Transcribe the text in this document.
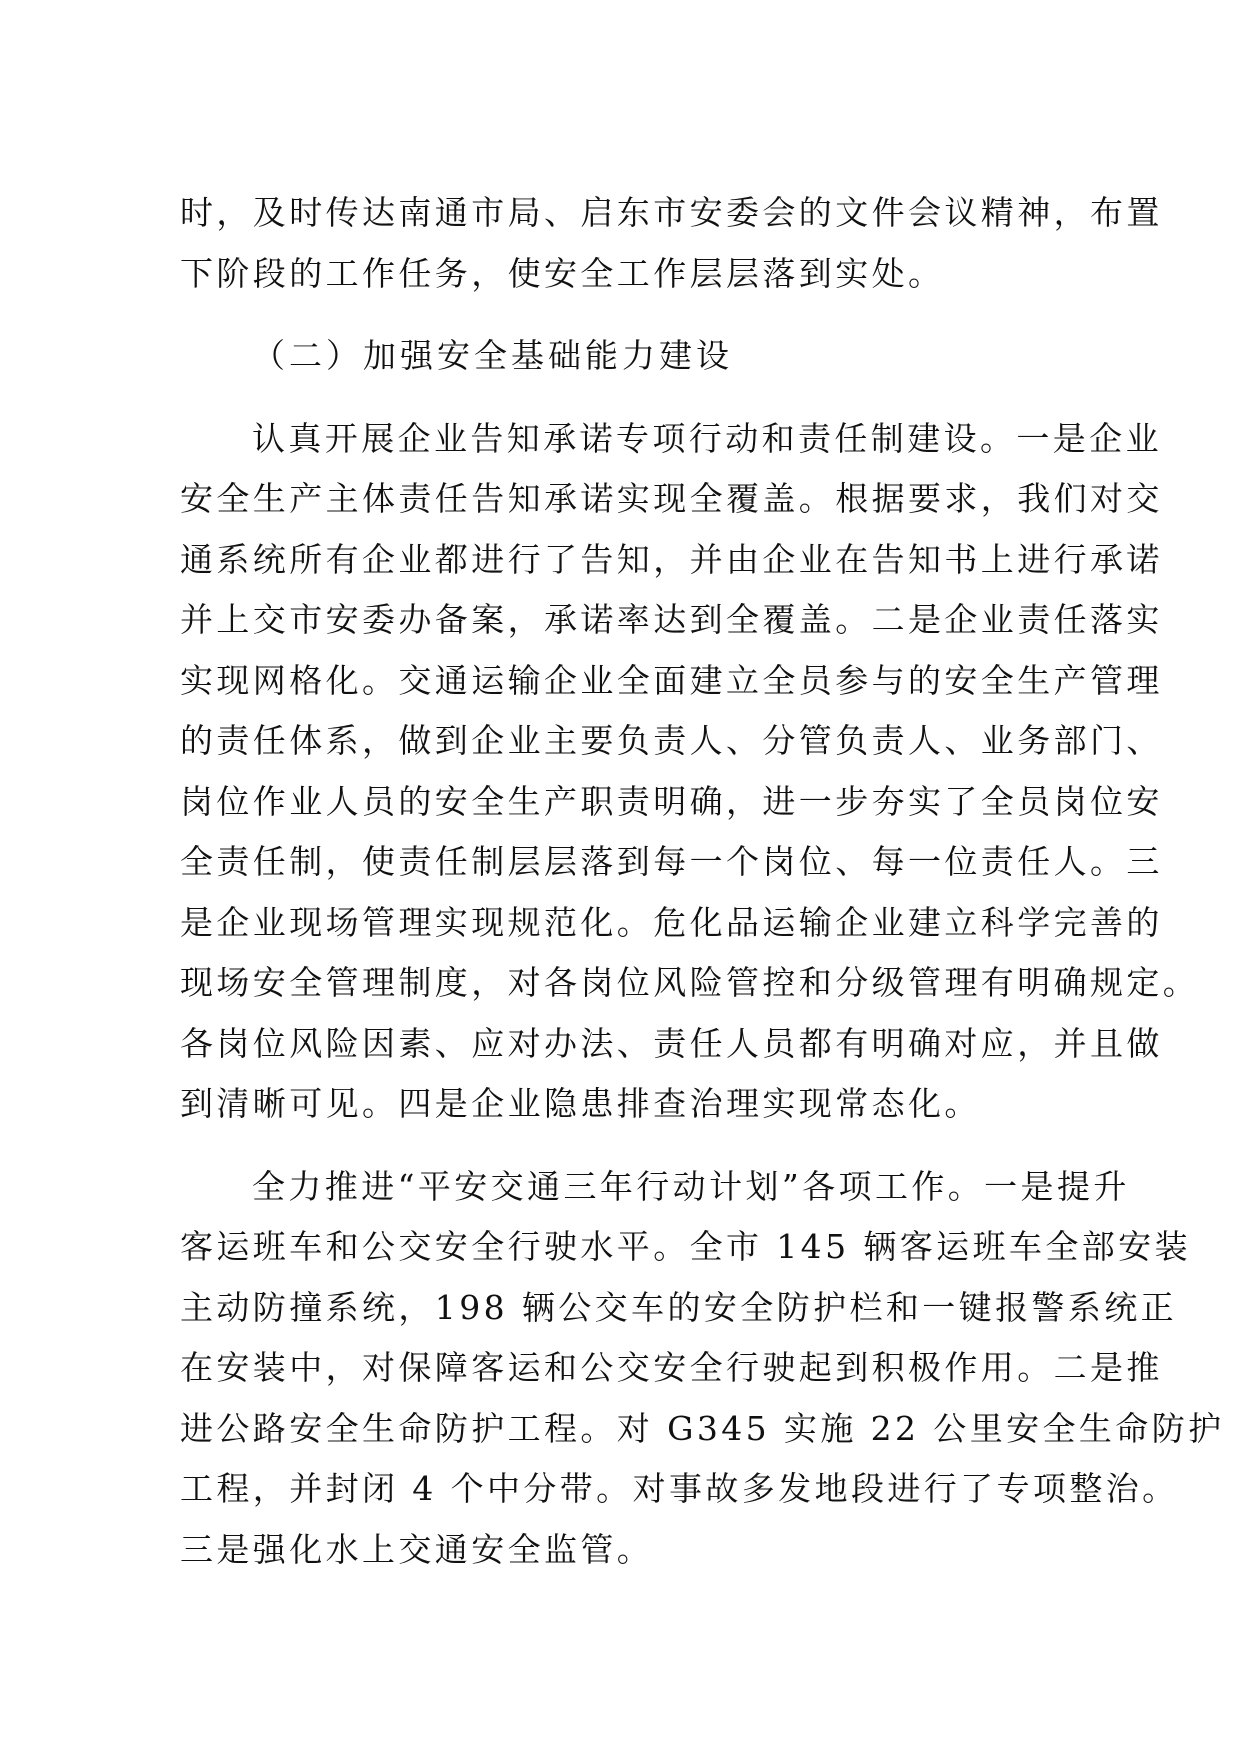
时，及时传达南通市局、启东市安委会的文件会议精神，布置
下阶段的工作任务，使安全工作层层落到实处。
（二）加强安全基础能力建设
认真开展企业告知承诺专项行动和责任制建设。一是企业
安全生产主体责任告知承诺实现全覆盖。根据要求，我们对交
通系统所有企业都进行了告知，并由企业在告知书上进行承诺
并上交市安委办备案，承诺率达到全覆盖。二是企业责任落实
实现网格化。交通运输企业全面建立全员参与的安全生产管理
的责任体系，做到企业主要负责人、分管负责人、业务部门、
岗位作业人员的安全生产职责明确，进一步夯实了全员岗位安
全责任制，使责任制层层落到每一个岗位、每一位责任人。三
是企业现场管理实现规范化。危化品运输企业建立科学完善的
现场安全管理制度，对各岗位风险管控和分级管理有明确规定。
各岗位风险因素、应对办法、责任人员都有明确对应，并且做
到清晰可见。四是企业隐患排查治理实现常态化。
全力推进“平安交通三年行动计划”各项工作。一是提升
客运班车和公交安全行驶水平。全市 145 辆客运班车全部安装
主动防撞系统，198 辆公交车的安全防护栏和一键报警系统正
在安装中，对保障客运和公交安全行驶起到积极作用。二是推
进公路安全生命防护工程。对 G345 实施 22 公里安全生命防护
工程，并封闭 4 个中分带。对事故多发地段进行了专项整治。
三是强化水上交通安全监管。
